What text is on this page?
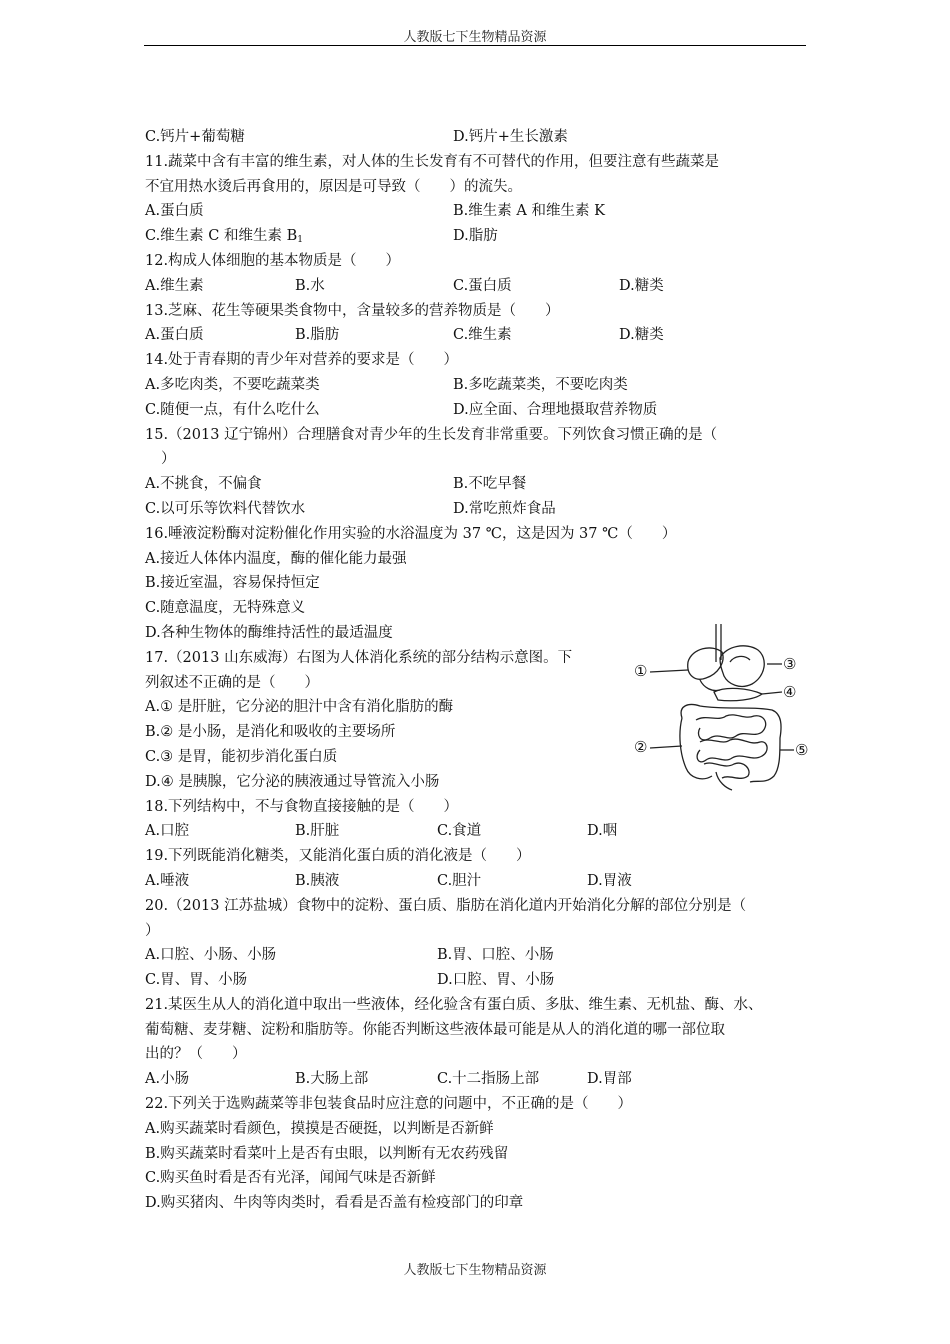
人教版七下生物精品资源
C.钙片+葡萄糖	D.钙片+生长激素
11.蔬菜中含有丰富的维生素，对人体的生长发育有不可替代的作用，但要注意有些蔬菜是
不宜用热水烫后再食用的，原因是可导致（　　）的流失。
A.蛋白质	B.维生素 A 和维生素 K
C.维生素 C 和维生素 $B_1$	D.脂肪
12.构成人体细胞的基本物质是（　　）
A.维生素	B.水	C.蛋白质	D.糖类
13.芝麻、花生等硬果类食物中，含量较多的营养物质是（　　）
A.蛋白质	B.脂肪	C.维生素	D.糖类
14.处于青春期的青少年对营养的要求是（　　）
A.多吃肉类，不要吃蔬菜类	B.多吃蔬菜类，不要吃肉类
C.随便一点，有什么吃什么	D.应全面、合理地摄取营养物质
15.（2013 辽宁锦州）合理膳食对青少年的生长发育非常重要。下列饮食习惯正确的是（
）
A.不挑食，不偏食	B.不吃早餐
C.以可乐等饮料代替饮水	D.常吃煎炸食品
16.唾液淀粉酶对淀粉催化作用实验的水浴温度为 37 ℃，这是因为 37 ℃（　　）
A.接近人体体内温度，酶的催化能力最强
B.接近室温，容易保持恒定
C.随意温度，无特殊意义
D.各种生物体的酶维持活性的最适温度
17.（2013 山东威海）右图为人体消化系统的部分结构示意图。下
列叙述不正确的是（　　）
A.① 是肝脏，它分泌的胆汁中含有消化脂肪的酶
B.② 是小肠，是消化和吸收的主要场所
C.③ 是胃，能初步消化蛋白质
D.④ 是胰腺，它分泌的胰液通过导管流入小肠
18.下列结构中，不与食物直接接触的是（　　）
A.口腔	B.肝脏	C.食道	D.咽
19.下列既能消化糖类，又能消化蛋白质的消化液是（　　）
A.唾液	B.胰液	C.胆汁	D.胃液
20.（2013 江苏盐城）食物中的淀粉、蛋白质、脂肪在消化道内开始消化分解的部位分别是（
）
A.口腔、小肠、小肠	B.胃、口腔、小肠
C.胃、胃、小肠	D.口腔、胃、小肠
21.某医生从人的消化道中取出一些液体，经化验含有蛋白质、多肽、维生素、无机盐、酶、水、
葡萄糖、麦芽糖、淀粉和脂肪等。你能否判断这些液体最可能是从人的消化道的哪一部位取
出的？（　　）
A.小肠	B.大肠上部	C.十二指肠上部	D.胃部
22.下列关于选购蔬菜等非包装食品时应注意的问题中，不正确的是（　　）
A.购买蔬菜时看颜色，摸摸是否硬挺，以判断是否新鲜
B.购买蔬菜时看菜叶上是否有虫眼，以判断有无农药残留
C.购买鱼时看是否有光泽，闻闻气味是否新鲜
D.购买猪肉、牛肉等肉类时，看看是否盖有检疫部门的印章
①	③
④
②	⑤
人教版七下生物精品资源
